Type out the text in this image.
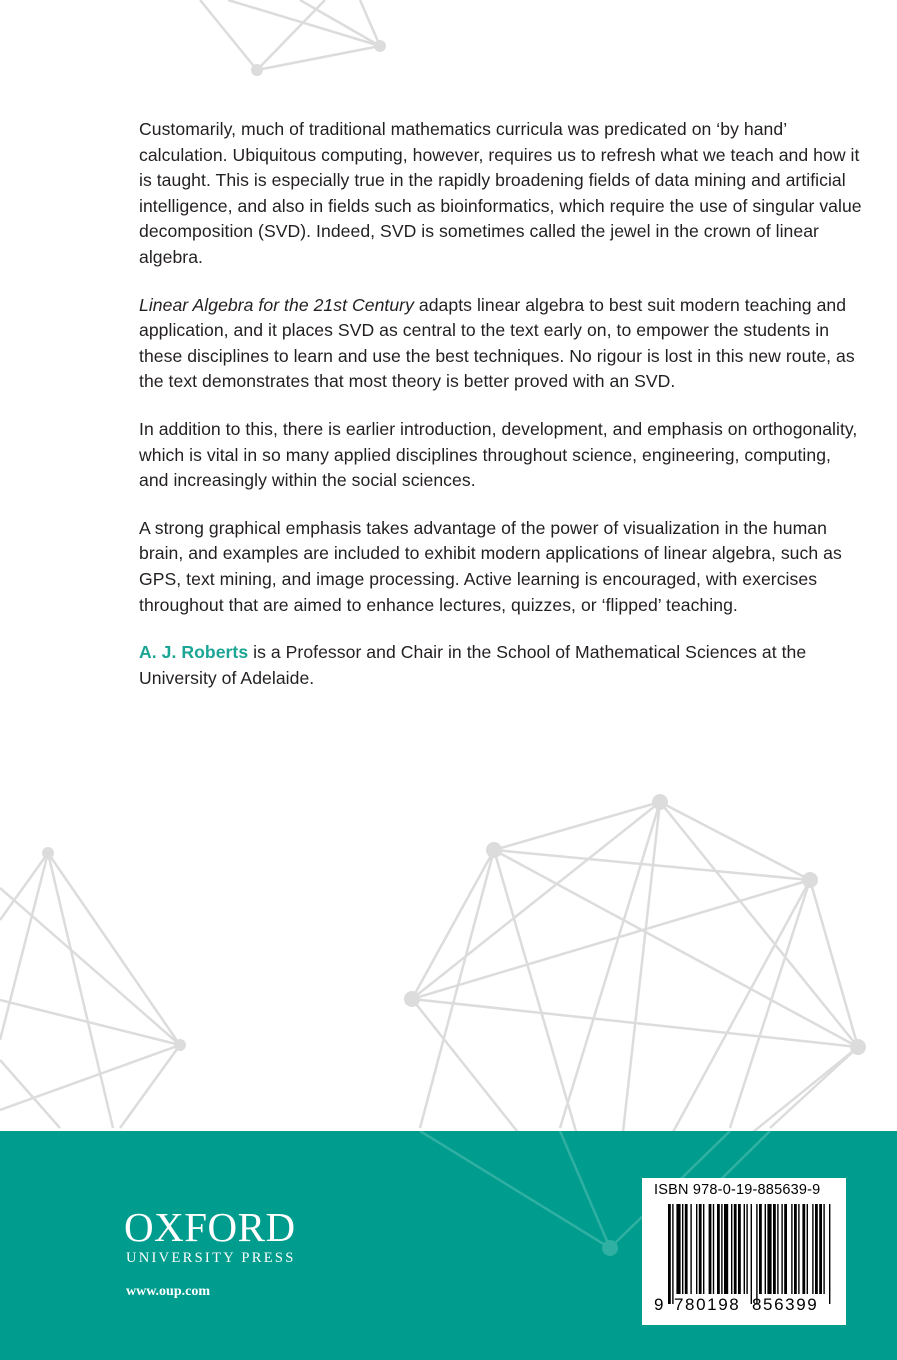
Customarily, much of traditional mathematics curricula was predicated on ‘by hand’ calculation. Ubiquitous computing, however, requires us to refresh what we teach and how it is taught. This is especially true in the rapidly broadening fields of data mining and artificial intelligence, and also in fields such as bioinformatics, which require the use of singular value decomposition (SVD). Indeed, SVD is sometimes called the jewel in the crown of linear algebra.

Linear Algebra for the 21st Century adapts linear algebra to best suit modern teaching and application, and it places SVD as central to the text early on, to empower the students in these disciplines to learn and use the best techniques. No rigour is lost in this new route, as the text demonstrates that most theory is better proved with an SVD.

In addition to this, there is earlier introduction, development, and emphasis on orthogonality, which is vital in so many applied disciplines throughout science, engineering, computing, and increasingly within the social sciences.

A strong graphical emphasis takes advantage of the power of visualization in the human brain, and examples are included to exhibit modern applications of linear algebra, such as GPS, text mining, and image processing. Active learning is encouraged, with exercises throughout that are aimed to enhance lectures, quizzes, or ‘flipped’ teaching.

A. J. Roberts is a Professor and Chair in the School of Mathematical Sciences at the University of Adelaide.

OXFORD
UNIVERSITY PRESS
www.oup.com
ISBN 978-0-19-885639-9
9 780198 856399
